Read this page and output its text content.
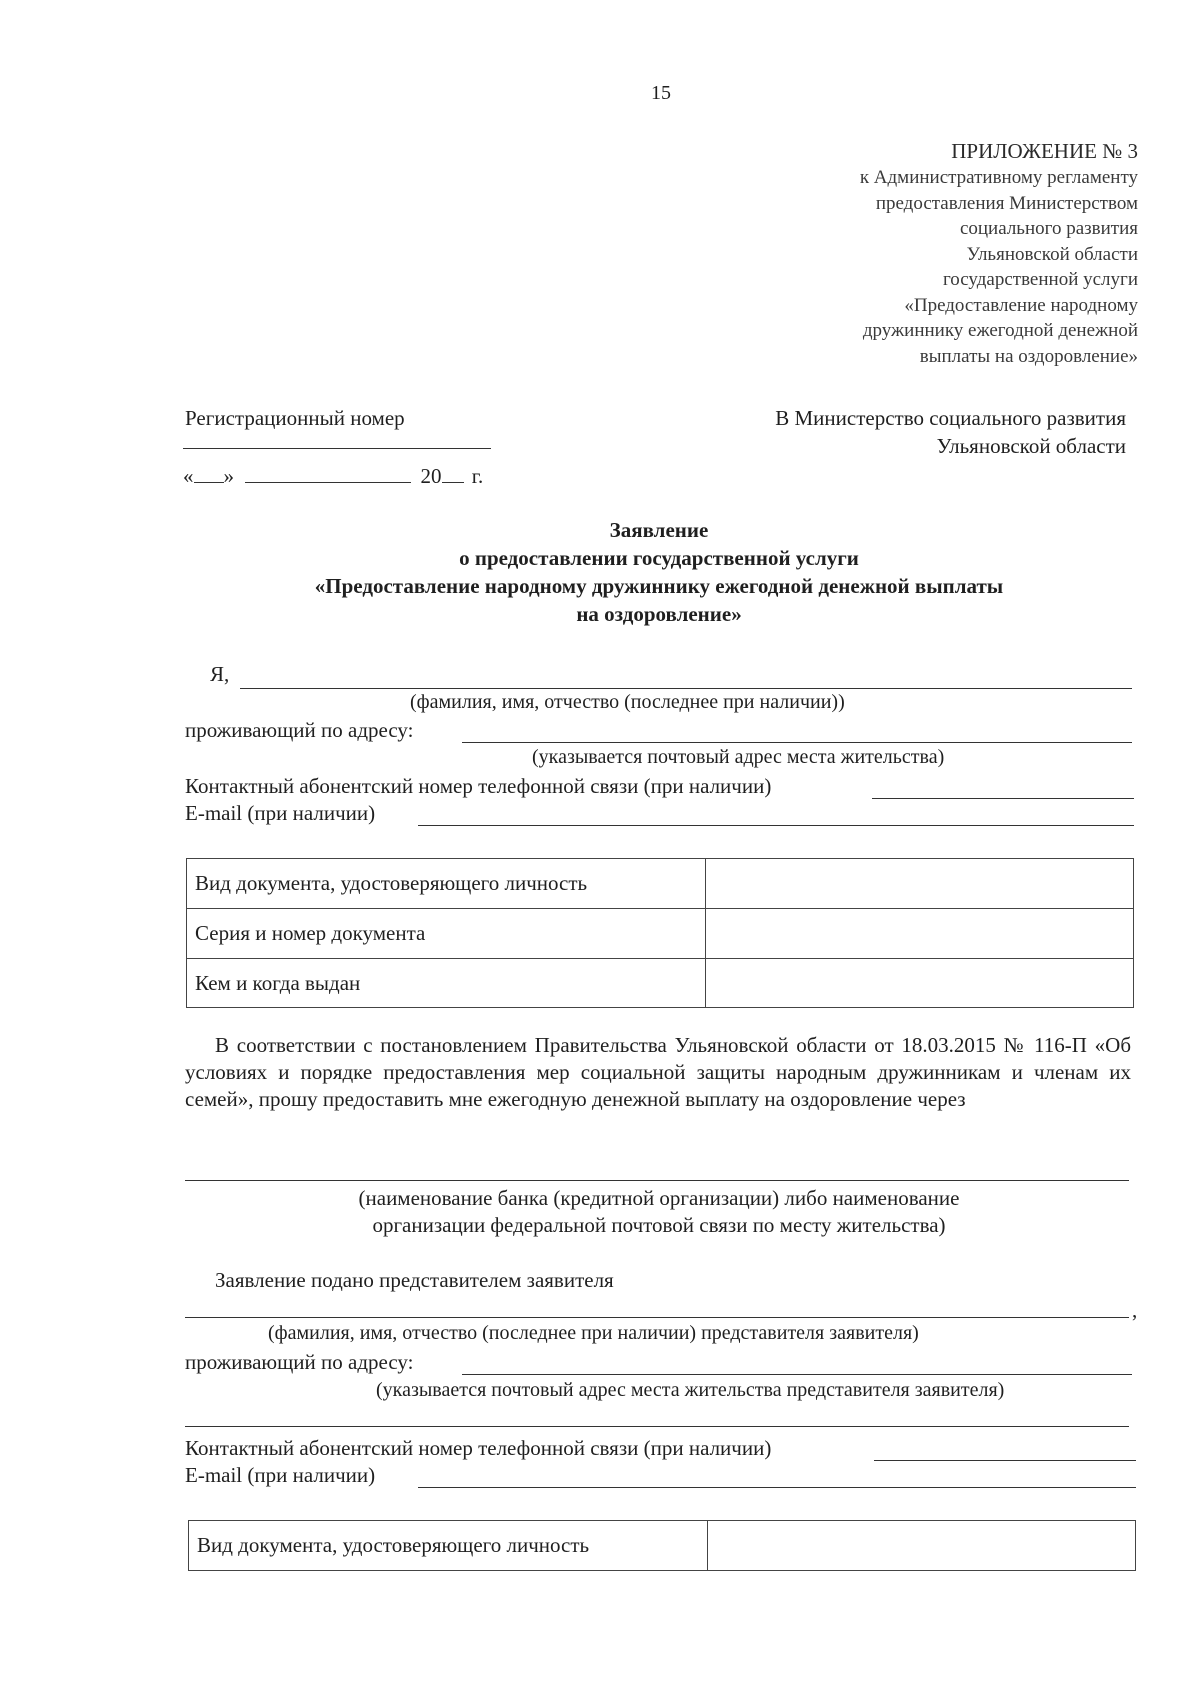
15
ПРИЛОЖЕНИЕ № 3
к Административному регламенту
предоставления Министерством
социального развития
Ульяновской области
государственной услуги
«Предоставление народному
дружиннику ежегодной денежной
выплаты на оздоровление»
Регистрационный номер
« »	20 г.
В Министерство социального развития
Ульяновской области
Заявление
о предоставлении государственной услуги
«Предоставление народному дружиннику ежегодной денежной выплаты
на оздоровление»
Я,
(фамилия, имя, отчество (последнее при наличии))
проживающий по адресу:
(указывается почтовый адрес места жительства)
Контактный абонентский номер телефонной связи (при наличии)
E-mail (при наличии)
Вид документа, удостоверяющего личность	
Серия и номер документа	
Кем и когда выдан	
В соответствии с постановлением Правительства Ульяновской области от 18.03.2015 № 116-П «Об условиях и порядке предоставления мер социальной защиты народным дружинникам и членам их семей», прошу предоставить мне ежегодную денежной выплату на оздоровление через
(наименование банка (кредитной организации) либо наименование
организации федеральной почтовой связи по месту жительства)
Заявление подано представителем заявителя
,
(фамилия, имя, отчество (последнее при наличии) представителя заявителя)
проживающий по адресу:
(указывается почтовый адрес места жительства представителя заявителя)
Контактный абонентский номер телефонной связи (при наличии)
E-mail (при наличии)
Вид документа, удостоверяющего личность	
